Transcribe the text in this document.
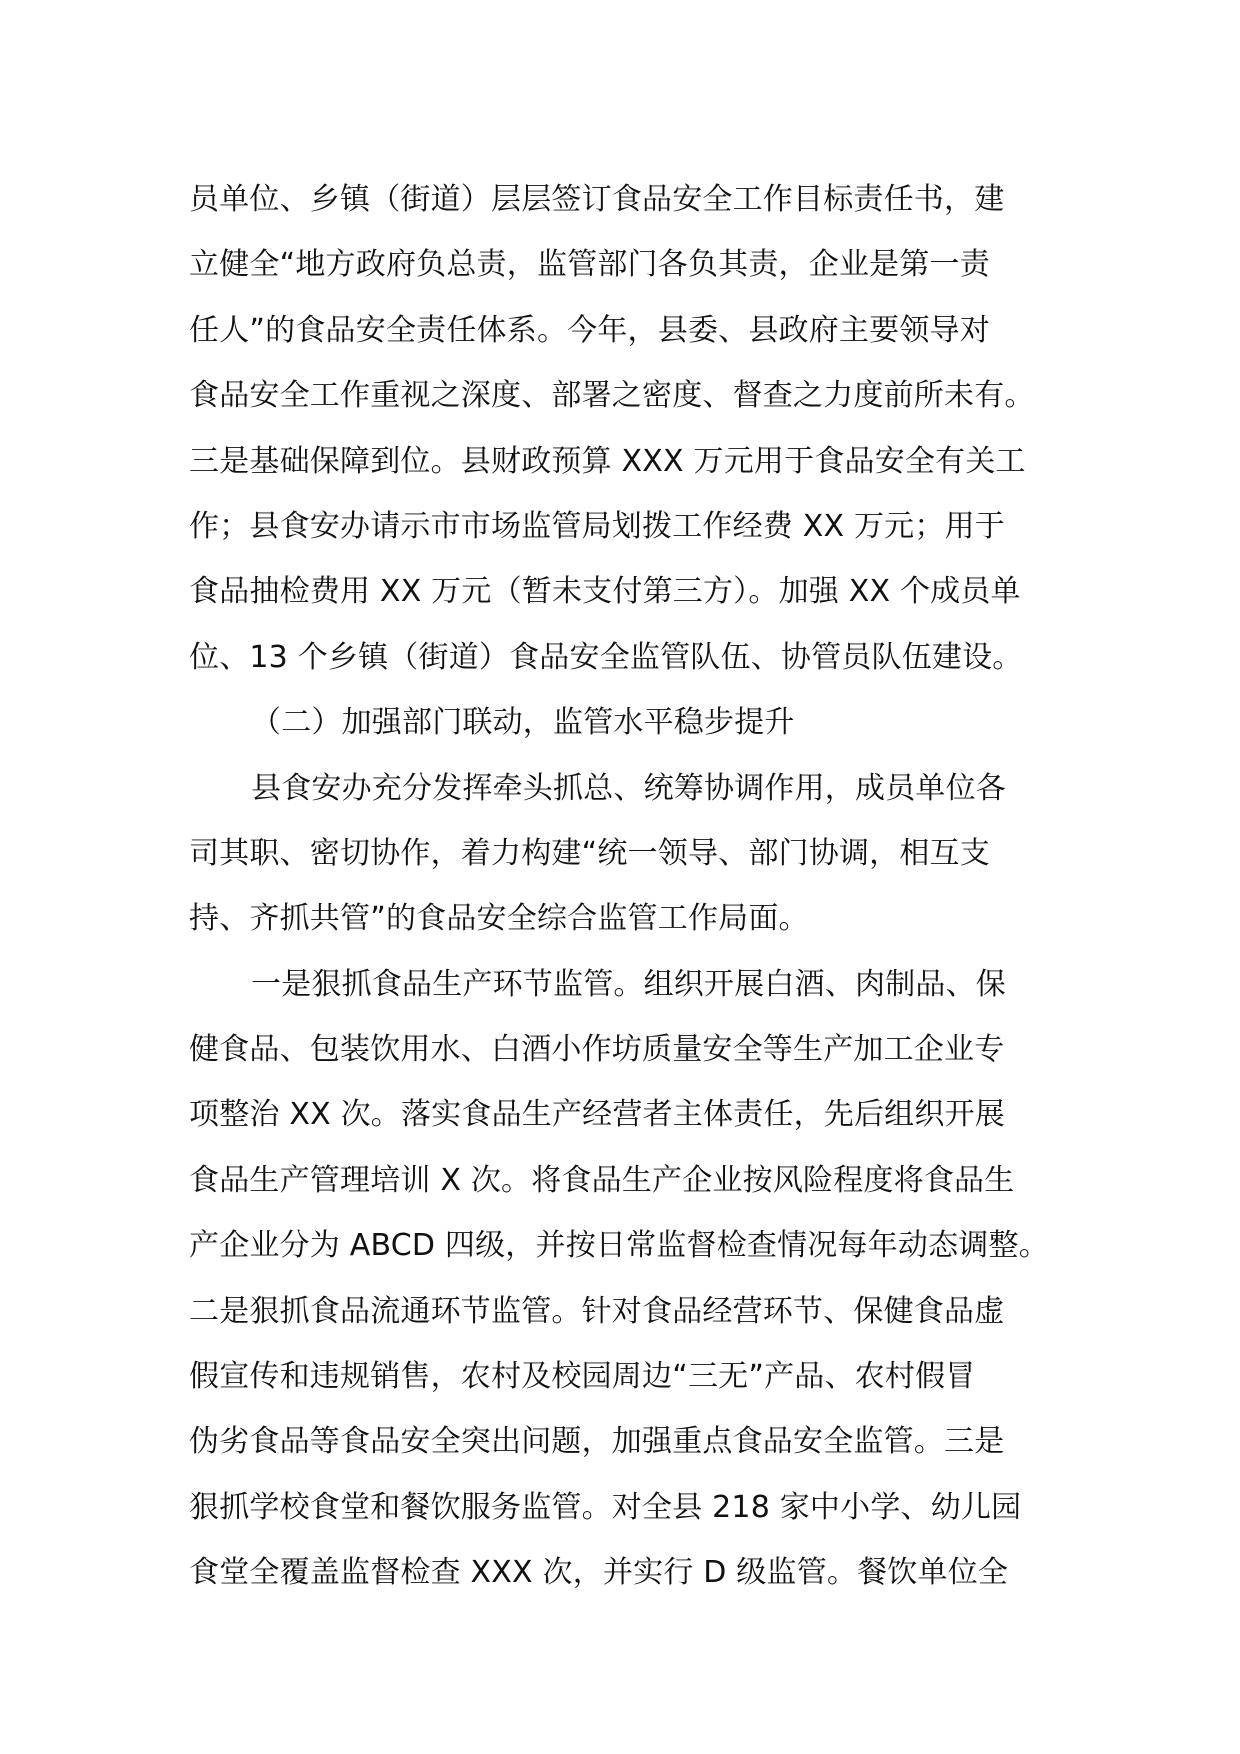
员单位、乡镇（街道）层层签订食品安全工作目标责任书，建
立健全“地方政府负总责，监管部门各负其责，企业是第一责
任人”的食品安全责任体系。今年，县委、县政府主要领导对
食品安全工作重视之深度、部署之密度、督查之力度前所未有。
三是基础保障到位。县财政预算 XXX 万元用于食品安全有关工
作；县食安办请示市市场监管局划拨工作经费 XX 万元；用于
食品抽检费用 XX 万元（暂未支付第三方）。加强 XX 个成员单
位、13 个乡镇（街道）食品安全监管队伍、协管员队伍建设。
（二）加强部门联动，监管水平稳步提升
县食安办充分发挥牵头抓总、统筹协调作用，成员单位各
司其职、密切协作，着力构建“统一领导、部门协调，相互支
持、齐抓共管”的食品安全综合监管工作局面。
一是狠抓食品生产环节监管。组织开展白酒、肉制品、保
健食品、包装饮用水、白酒小作坊质量安全等生产加工企业专
项整治 XX 次。落实食品生产经营者主体责任，先后组织开展
食品生产管理培训 X 次。将食品生产企业按风险程度将食品生
产企业分为 ABCD 四级，并按日常监督检查情况每年动态调整。
二是狠抓食品流通环节监管。针对食品经营环节、保健食品虚
假宣传和违规销售，农村及校园周边“三无”产品、农村假冒
伪劣食品等食品安全突出问题，加强重点食品安全监管。三是
狠抓学校食堂和餐饮服务监管。对全县 218 家中小学、幼儿园
食堂全覆盖监督检查 XXX 次，并实行 D 级监管。餐饮单位全
